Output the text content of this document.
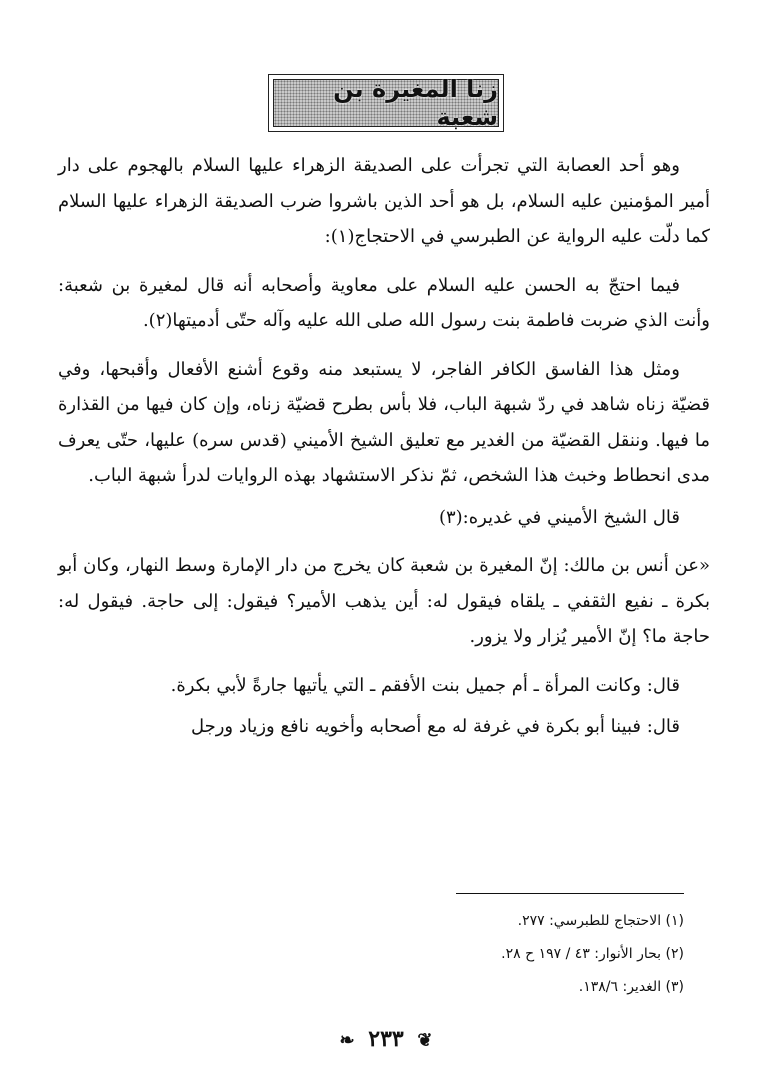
زنا المغيرة بن شعبة

وهو أحد العصابة التي تجرأت على الصديقة الزهراء عليها السلام بالهجوم على دار أمير المؤمنين عليه السلام، بل هو أحد الذين باشروا ضرب الصديقة الزهراء عليها السلام كما دلّت عليه الرواية عن الطبرسي في الاحتجاج(١):

فيما احتجّ به الحسن عليه السلام على معاوية وأصحابه أنه قال لمغيرة بن شعبة: وأنت الذي ضربت فاطمة بنت رسول الله صلى الله عليه وآله حتّى أدميتها(٢).

ومثل هذا الفاسق الكافر الفاجر، لا يستبعد منه وقوع أشنع الأفعال وأقبحها، وفي قضيّة زناه شاهد في ردّ شبهة الباب، فلا بأس بطرح قضيّة زناه، وإن كان فيها من القذارة ما فيها. وننقل القضيّة من الغدير مع تعليق الشيخ الأميني (قدس سره) عليها، حتّى يعرف مدى انحطاط وخبث هذا الشخص، ثمّ نذكر الاستشهاد بهذه الروايات لدرأ شبهة الباب.

قال الشيخ الأميني في غديره:(٣)

«عن أنس بن مالك: إنّ المغيرة بن شعبة كان يخرج من دار الإمارة وسط النهار، وكان أبو بكرة ـ نفيع الثقفي ـ يلقاه فيقول له: أين يذهب الأمير؟ فيقول: إلى حاجة. فيقول له: حاجة ما؟ إنّ الأمير يُزار ولا يزور.

قال: وكانت المرأة ـ أم جميل بنت الأفقم ـ التي يأتيها جارةً لأبي بكرة.

قال: فبينا أبو بكرة في غرفة له مع أصحابه وأخويه نافع وزياد ورجل

(١) الاحتجاج للطبرسي: ٢٧٧.

(٢) بحار الأنوار: ٤٣ / ١٩٧ ح ٢٨.

(٣) الغدير: ١٣٨/٦.

❦ ٢٣٣ ❧
